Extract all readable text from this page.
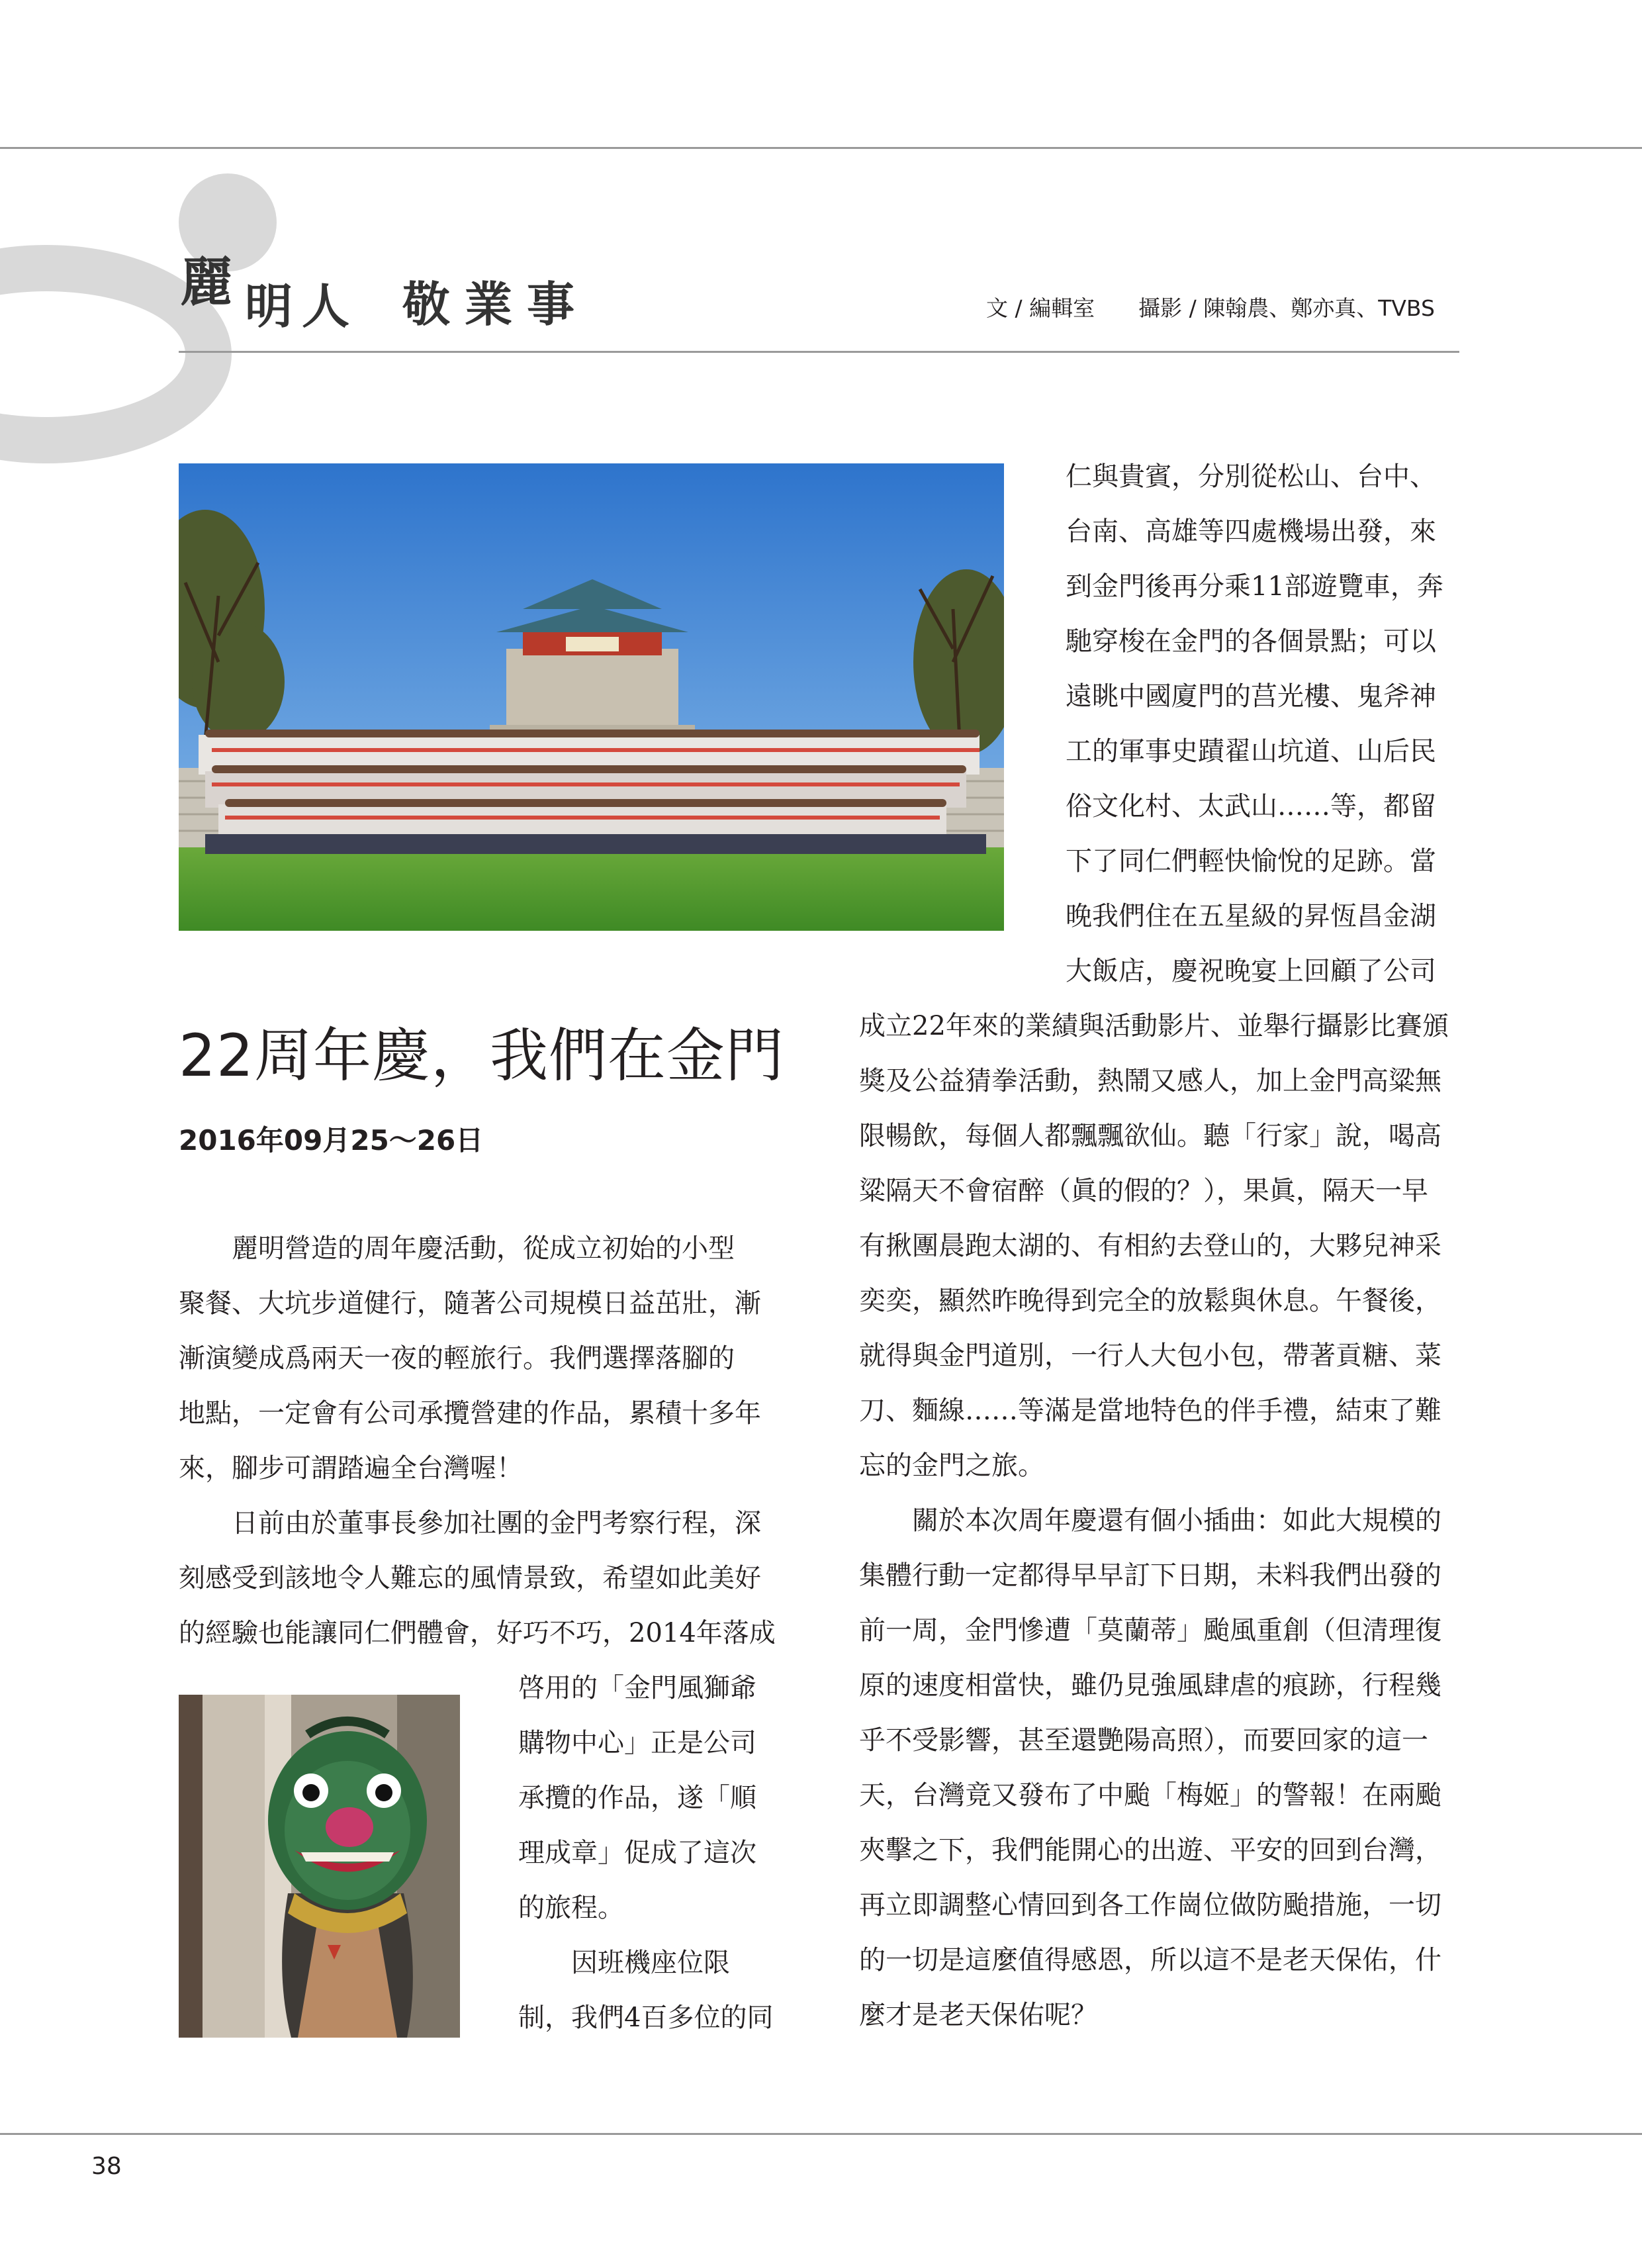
麗 明人 敬業事	文 / 編輯室　　攝影 / 陳翰農、鄭亦真、TVBS
22周年慶，我們在金門
2016年09月25～26日
　　麗明營造的周年慶活動，從成立初始的小型
聚餐、大坑步道健行，隨著公司規模日益茁壯，漸
漸演變成爲兩天一夜的輕旅行。我們選擇落腳的
地點，一定會有公司承攬營建的作品，累積十多年
來，腳步可謂踏遍全台灣喔！
　　日前由於董事長參加社團的金門考察行程，深
刻感受到該地令人難忘的風情景致，希望如此美好
的經驗也能讓同仁們體會，好巧不巧，2014年落成
啓用的「金門風獅爺
購物中心」正是公司
承攬的作品，遂「順
理成章」促成了這次
的旅程。
　　因班機座位限
制，我們4百多位的同
仁與貴賓，分別從松山、台中、
台南、高雄等四處機場出發，來
到金門後再分乘11部遊覽車，奔
馳穿梭在金門的各個景點；可以
遠眺中國廈門的莒光樓、鬼斧神
工的軍事史蹟翟山坑道、山后民
俗文化村、太武山……等，都留
下了同仁們輕快愉悅的足跡。當
晚我們住在五星級的昇恆昌金湖
大飯店，慶祝晚宴上回顧了公司
成立22年來的業績與活動影片、並舉行攝影比賽頒
獎及公益猜拳活動，熱鬧又感人，加上金門高粱無
限暢飲，每個人都飄飄欲仙。聽「行家」說，喝高
粱隔天不會宿醉（眞的假的？），果眞，隔天一早
有揪團晨跑太湖的、有相約去登山的，大夥兒神采
奕奕，顯然昨晚得到完全的放鬆與休息。午餐後，
就得與金門道別，一行人大包小包，帶著貢糖、菜
刀、麵線……等滿是當地特色的伴手禮，結束了難
忘的金門之旅。
　　關於本次周年慶還有個小插曲：如此大規模的
集體行動一定都得早早訂下日期，未料我們出發的
前一周，金門慘遭「莫蘭蒂」颱風重創（但清理復
原的速度相當快，雖仍見強風肆虐的痕跡，行程幾
乎不受影響，甚至還艷陽高照），而要回家的這一
天，台灣竟又發布了中颱「梅姬」的警報！在兩颱
夾擊之下，我們能開心的出遊、平安的回到台灣，
再立即調整心情回到各工作崗位做防颱措施，一切
的一切是這麼值得感恩，所以這不是老天保佑，什
麼才是老天保佑呢？
38
